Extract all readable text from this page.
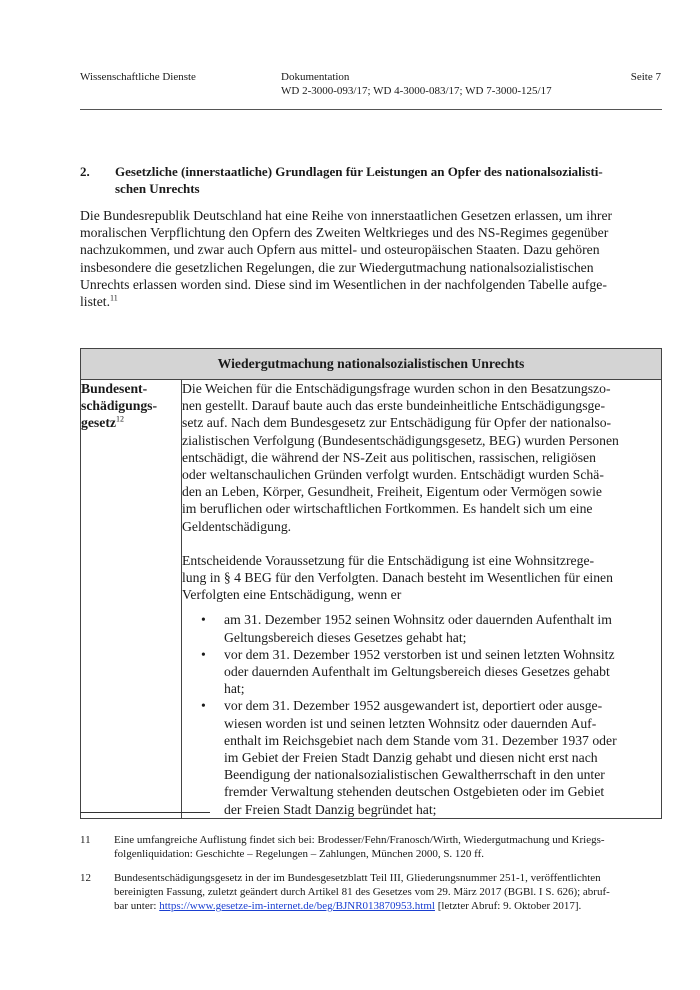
Wissenschaftliche Dienste	Dokumentation
WD 2-3000-093/17; WD 4-3000-083/17; WD 7-3000-125/17
Seite 7
2. Gesetzliche (innerstaatliche) Grundlagen für Leistungen an Opfer des nationalsozialisti-
schen Unrechts
Die Bundesrepublik Deutschland hat eine Reihe von innerstaatlichen Gesetzen erlassen, um ihrer
moralischen Verpflichtung den Opfern des Zweiten Weltkrieges und des NS-Regimes gegenüber
nachzukommen, und zwar auch Opfern aus mittel- und osteuropäischen Staaten. Dazu gehören
insbesondere die gesetzlichen Regelungen, die zur Wiedergutmachung nationalsozialistischen
Unrechts erlassen worden sind. Diese sind im Wesentlichen in der nachfolgenden Tabelle aufge-
listet.$^{11}$
Wiedergutmachung nationalsozialistischen Unrechts
Bundesent-
schädigungs-
gesetz$^{12}$	

Die Weichen für die Entschädigungsfrage wurden schon in den Besatzungszo-
nen gestellt. Darauf baute auch das erste bundeinheitliche Entschädigungsge-
setz auf. Nach dem Bundesgesetz zur Entschädigung für Opfer der nationalso-
zialistischen Verfolgung (Bundesentschädigungsgesetz, BEG) wurden Personen
entschädigt, die während der NS-Zeit aus politischen, rassischen, religiösen
oder weltanschaulichen Gründen verfolgt wurden. Entschädigt wurden Schä-
den an Leben, Körper, Gesundheit, Freiheit, Eigentum oder Vermögen sowie
im beruflichen oder wirtschaftlichen Fortkommen. Es handelt sich um eine
Geldentschädigung.

Entscheidende Voraussetzung für die Entschädigung ist eine Wohnsitzrege-
lung in § 4 BEG für den Verfolgten. Danach besteht im Wesentlichen für einen
Verfolgten eine Entschädigung, wenn er

• am 31. Dezember 1952 seinen Wohnsitz oder dauernden Aufenthalt im
Geltungsbereich dieses Gesetzes gehabt hat;
• vor dem 31. Dezember 1952 verstorben ist und seinen letzten Wohnsitz
oder dauernden Aufenthalt im Geltungsbereich dieses Gesetzes gehabt
hat;
• vor dem 31. Dezember 1952 ausgewandert ist, deportiert oder ausge-
wiesen worden ist und seinen letzten Wohnsitz oder dauernden Auf-
enthalt im Reichsgebiet nach dem Stande vom 31. Dezember 1937 oder
im Gebiet der Freien Stadt Danzig gehabt und diesen nicht erst nach
Beendigung der nationalsozialistischen Gewaltherrschaft in den unter
fremder Verwaltung stehenden deutschen Ostgebieten oder im Gebiet
der Freien Stadt Danzig begründet hat;
11 Eine umfangreiche Auflistung findet sich bei: Brodesser/Fehn/Franosch/Wirth, Wiedergutmachung und Kriegs-
folgenliquidation: Geschichte – Regelungen – Zahlungen, München 2000, S. 120 ff.
12 Bundesentschädigungsgesetz in der im Bundesgesetzblatt Teil III, Gliederungsnummer 251-1, veröffentlichten
bereinigten Fassung, zuletzt geändert durch Artikel 81 des Gesetzes vom 29. März 2017 (BGBl. I S. 626); abruf-
bar unter: https://www.gesetze-im-internet.de/beg/BJNR013870953.html [letzter Abruf: 9. Oktober 2017].
